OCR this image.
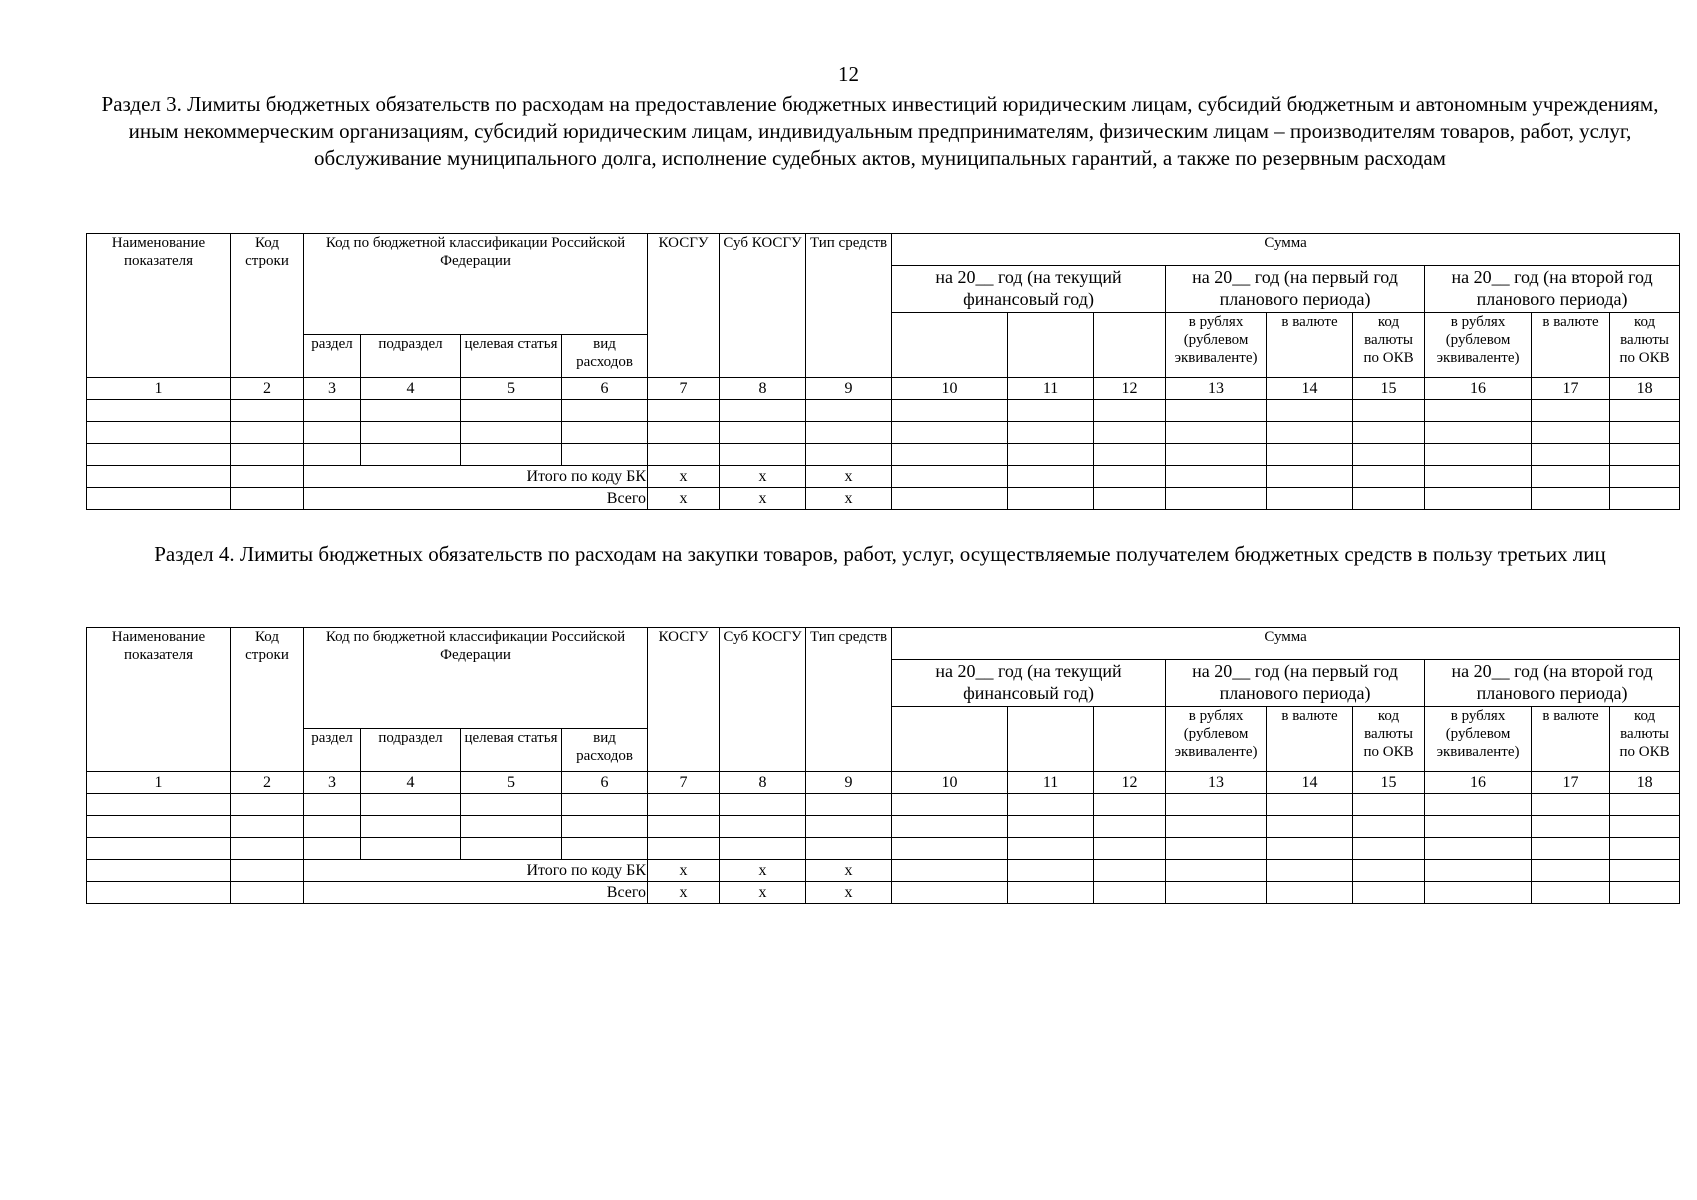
12
Раздел 3. Лимиты бюджетных обязательств по расходам на предоставление бюджетных инвестиций юридическим лицам, субсидий бюджетным и автономным учреждениям, иным некоммерческим организациям, субсидий юридическим лицам, индивидуальным предпринимателям, физическим лицам – производителям товаров, работ, услуг, обслуживание муниципального долга, исполнение судебных актов, муниципальных гарантий, а также по резервным расходам
Наименование показателя	Код строки	Код по бюджетной классификации Российской Федерации				КОСГУ	Суб КОСГУ	Тип средств	Сумма								
									на 20__ год (на текущий финансовый год)			на 20__ год (на первый год планового периода)			на 20__ год (на второй год планового периода)		
												в рублях (рублевом эквиваленте)	в валюте	код валюты по ОКВ	в рублях (рублевом эквиваленте)	в валюте	код валюты по ОКВ
		раздел	подраздел	целевая статья	вид расходов												
1	2	3	4	5	6	7	8	9	10	11	12	13	14	15	16	17	18

		Итого по коду БК				x	x	x									
		Всего				x	x	x									
Раздел 4. Лимиты бюджетных обязательств по расходам на закупки товаров, работ, услуг, осуществляемые получателем бюджетных средств в пользу третьих лиц
Наименование показателя	Код строки	Код по бюджетной классификации Российской Федерации				КОСГУ	Суб КОСГУ	Тип средств	Сумма								
									на 20__ год (на текущий финансовый год)			на 20__ год (на первый год планового периода)			на 20__ год (на второй год планового периода)		
												в рублях (рублевом эквиваленте)	в валюте	код валюты по ОКВ	в рублях (рублевом эквиваленте)	в валюте	код валюты по ОКВ
		раздел	подраздел	целевая статья	вид расходов												
1	2	3	4	5	6	7	8	9	10	11	12	13	14	15	16	17	18

		Итого по коду БК				x	x	x									
		Всего				x	x	x									
